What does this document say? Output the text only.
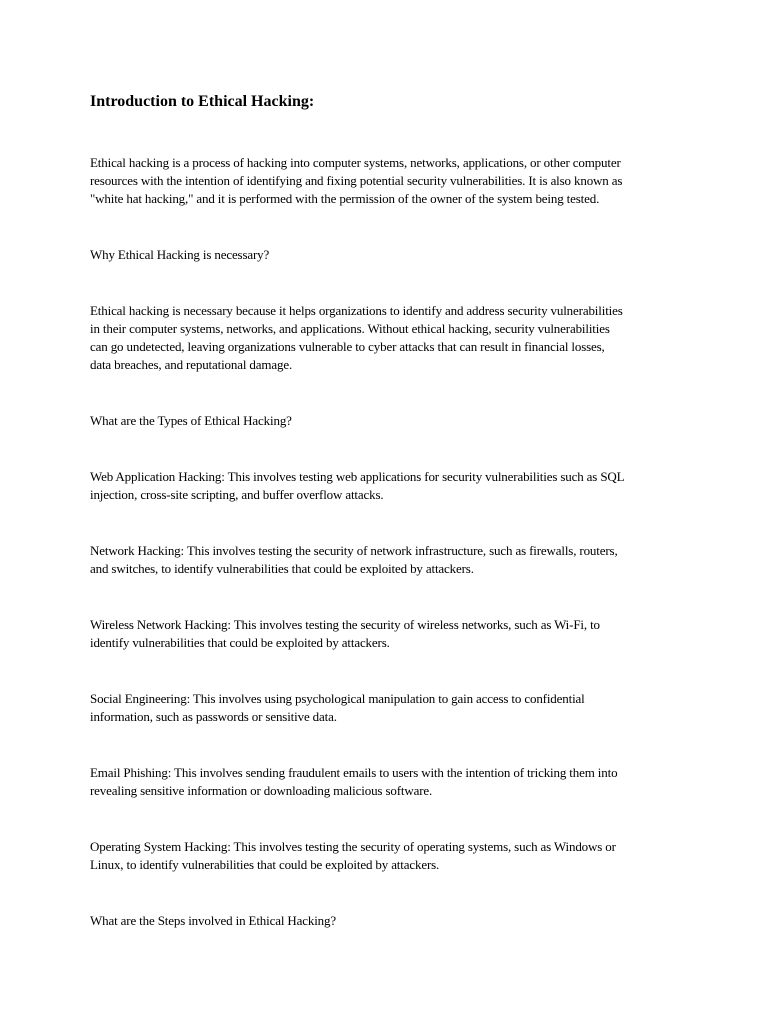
Introduction to Ethical Hacking:

Ethical hacking is a process of hacking into computer systems, networks, applications, or other computer
resources with the intention of identifying and fixing potential security vulnerabilities. It is also known as
"white hat hacking," and it is performed with the permission of the owner of the system being tested.

Why Ethical Hacking is necessary?

Ethical hacking is necessary because it helps organizations to identify and address security vulnerabilities
in their computer systems, networks, and applications. Without ethical hacking, security vulnerabilities
can go undetected, leaving organizations vulnerable to cyber attacks that can result in financial losses,
data breaches, and reputational damage.

What are the Types of Ethical Hacking?

Web Application Hacking: This involves testing web applications for security vulnerabilities such as SQL
injection, cross-site scripting, and buffer overflow attacks.

Network Hacking: This involves testing the security of network infrastructure, such as firewalls, routers,
and switches, to identify vulnerabilities that could be exploited by attackers.

Wireless Network Hacking: This involves testing the security of wireless networks, such as Wi-Fi, to
identify vulnerabilities that could be exploited by attackers.

Social Engineering: This involves using psychological manipulation to gain access to confidential
information, such as passwords or sensitive data.

Email Phishing: This involves sending fraudulent emails to users with the intention of tricking them into
revealing sensitive information or downloading malicious software.

Operating System Hacking: This involves testing the security of operating systems, such as Windows or
Linux, to identify vulnerabilities that could be exploited by attackers.

What are the Steps involved in Ethical Hacking?
